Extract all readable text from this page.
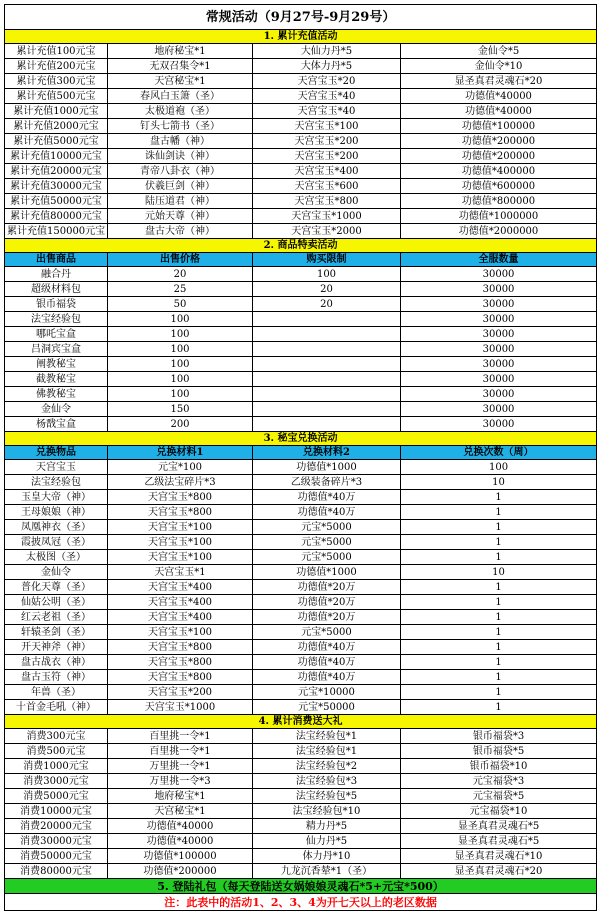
常规活动（9月27号-9月29号）			
1. 累计充值活动			
累计充值100元宝	地府秘宝*1	大仙力丹*5	金仙令*5
累计充值200元宝	无双召集令*1	大体力丹*5	金仙令*10
累计充值300元宝	天宫秘宝*1	天宫宝玉*20	显圣真君灵魂石*20
累计充值500元宝	春风白玉箫（圣）	天宫宝玉*40	功德值*40000
累计充值1000元宝	太极道袍（圣）	天宫宝玉*40	功德值*40000
累计充值2000元宝	钉头七箭书（圣）	天宫宝玉*100	功德值*100000
累计充值5000元宝	盘古幡（神）	天宫宝玉*200	功德值*200000
累计充值10000元宝	诛仙剑诀（神）	天宫宝玉*200	功德值*200000
累计充值20000元宝	青帝八卦衣（神）	天宫宝玉*400	功德值*400000
累计充值30000元宝	伏羲巨剑（神）	天宫宝玉*600	功德值*600000
累计充值50000元宝	陆压道君（神）	天宫宝玉*800	功德值*800000
累计充值80000元宝	元始天尊（神）	天宫宝玉*1000	功德值*1000000
累计充值150000元宝	盘古大帝（神）	天宫宝玉*2000	功德值*2000000
2. 商品特卖活动			
出售商品	出售价格	购买限制	全服数量
融合丹	20	100	30000
超级材料包	25	20	30000
银币福袋	50	20	30000
法宝经验包	100		30000
哪吒宝盒	100		30000
吕洞宾宝盒	100		30000
阐教秘宝	100		30000
截教秘宝	100		30000
佛教秘宝	100		30000
金仙令	150		30000
杨戬宝盒	200		30000
3. 秘宝兑换活动			
兑换物品	兑换材料1	兑换材料2	兑换次数（周）
天宫宝玉	元宝*100	功德值*1000	100
法宝经验包	乙级法宝碎片*3	乙级装备碎片*3	10
玉皇大帝（神）	天宫宝玉*800	功德值*40万	1
王母娘娘（神）	天宫宝玉*800	功德值*40万	1
凤凰神衣（圣）	天宫宝玉*100	元宝*5000	1
霞披凤冠（圣）	天宫宝玉*100	元宝*5000	1
太极图（圣）	天宫宝玉*100	元宝*5000	1
金仙令	天宫宝玉*1	功德值*1000	10
普化天尊（圣）	天宫宝玉*400	功德值*20万	1
仙姑公明（圣）	天宫宝玉*400	功德值*20万	1
红云老祖（圣）	天宫宝玉*400	功德值*20万	1
轩辕圣剑（圣）	天宫宝玉*100	元宝*5000	1
开天神斧（神）	天宫宝玉*800	功德值*40万	1
盘古战衣（神）	天宫宝玉*800	功德值*40万	1
盘古玉符（神）	天宫宝玉*800	功德值*40万	1
年兽（圣）	天宫宝玉*200	元宝*10000	1
十首金毛吼（神）	天宫宝玉*1000	元宝*50000	1
4. 累计消费送大礼			
消费300元宝	百里挑一令*1	法宝经验包*1	银币福袋*3
消费500元宝	百里挑一令*1	法宝经验包*1	银币福袋*5
消费1000元宝	万里挑一令*1	法宝经验包*2	银币福袋*10
消费3000元宝	万里挑一令*3	法宝经验包*3	元宝福袋*3
消费5000元宝	地府秘宝*1	法宝经验包*5	元宝福袋*5
消费10000元宝	天宫秘宝*1	法宝经验包*10	元宝福袋*10
消费20000元宝	功德值*40000	精力丹*5	显圣真君灵魂石*5
消费30000元宝	功德值*40000	仙力丹*5	显圣真君灵魂石*5
消费50000元宝	功德值*100000	体力丹*10	显圣真君灵魂石*10
消费80000元宝	功德值*200000	九龙沉香辇*1（圣）	显圣真君灵魂石*20
5. 登陆礼包（每天登陆送女娲娘娘灵魂石*5+元宝*500）			
注：此表中的活动1、2、3、4为开七天以上的老区数据			
